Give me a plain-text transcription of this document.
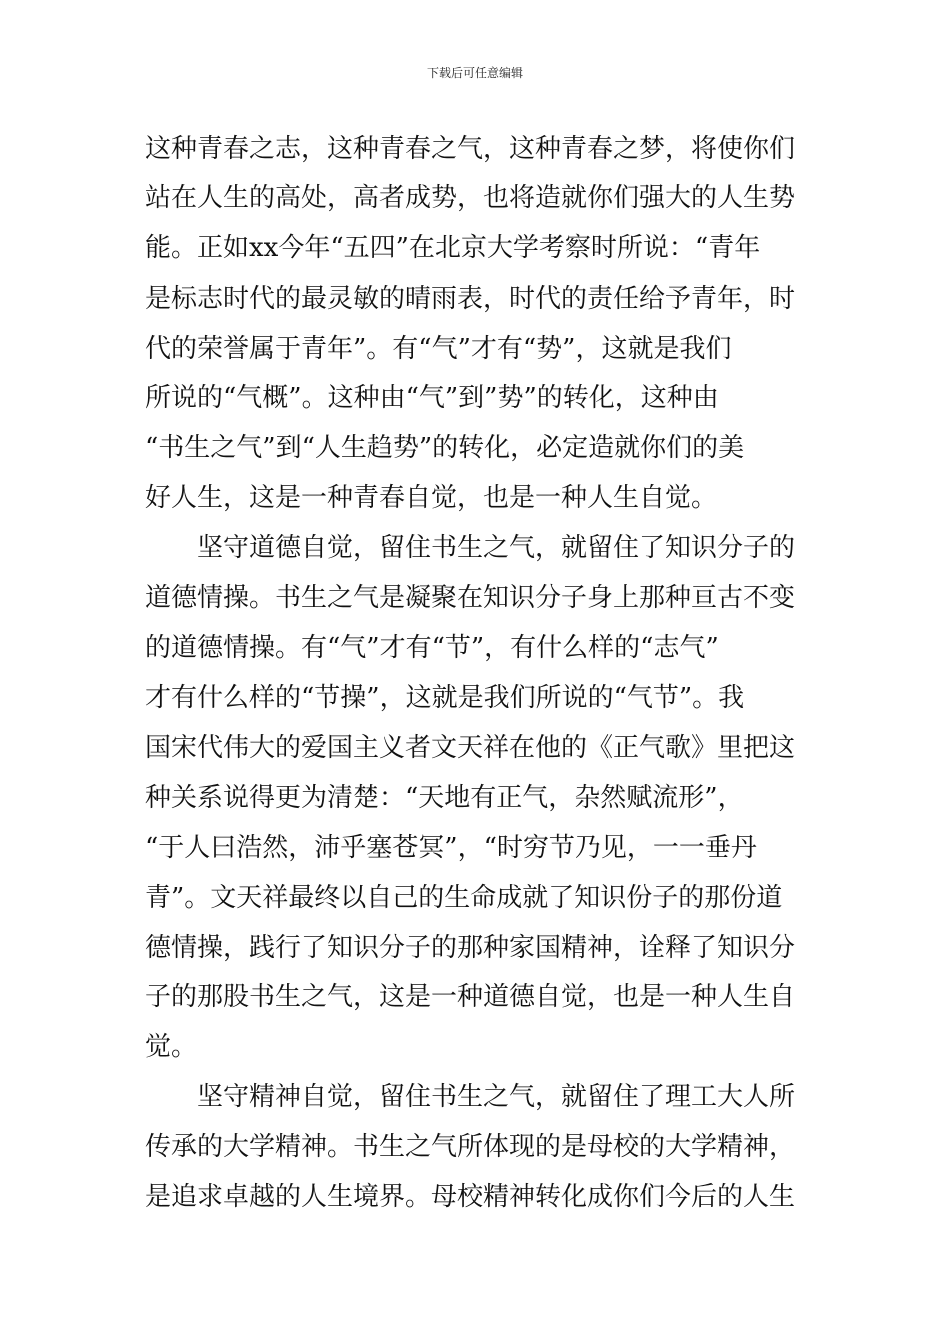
下载后可任意编辑
这种青春之志，这种青春之气，这种青春之梦，将使你们
站在人生的高处，高者成势，也将造就你们强大的人生势
能。正如xx今年“五四”在北京大学考察时所说：“青年
是标志时代的最灵敏的晴雨表，时代的责任给予青年，时
代的荣誉属于青年”。有“气”才有“势”，这就是我们
所说的“气概”。这种由“气”到”势”的转化，这种由
“书生之气”到“人生趋势”的转化，必定造就你们的美
好人生，这是一种青春自觉，也是一种人生自觉。
　　坚守道德自觉，留住书生之气，就留住了知识分子的
道德情操。书生之气是凝聚在知识分子身上那种亘古不变
的道德情操。有“气”才有“节”，有什么样的“志气”
才有什么样的“节操”，这就是我们所说的“气节”。我
国宋代伟大的爱国主义者文天祥在他的《正气歌》里把这
种关系说得更为清楚：“天地有正气，杂然赋流形”，
“于人曰浩然，沛乎塞苍冥”，“时穷节乃见，一一垂丹
青”。文天祥最终以自己的生命成就了知识份子的那份道
德情操，践行了知识分子的那种家国精神，诠释了知识分
子的那股书生之气，这是一种道德自觉，也是一种人生自
觉。
　　坚守精神自觉，留住书生之气，就留住了理工大人所
传承的大学精神。书生之气所体现的是母校的大学精神，
是追求卓越的人生境界。母校精神转化成你们今后的人生
